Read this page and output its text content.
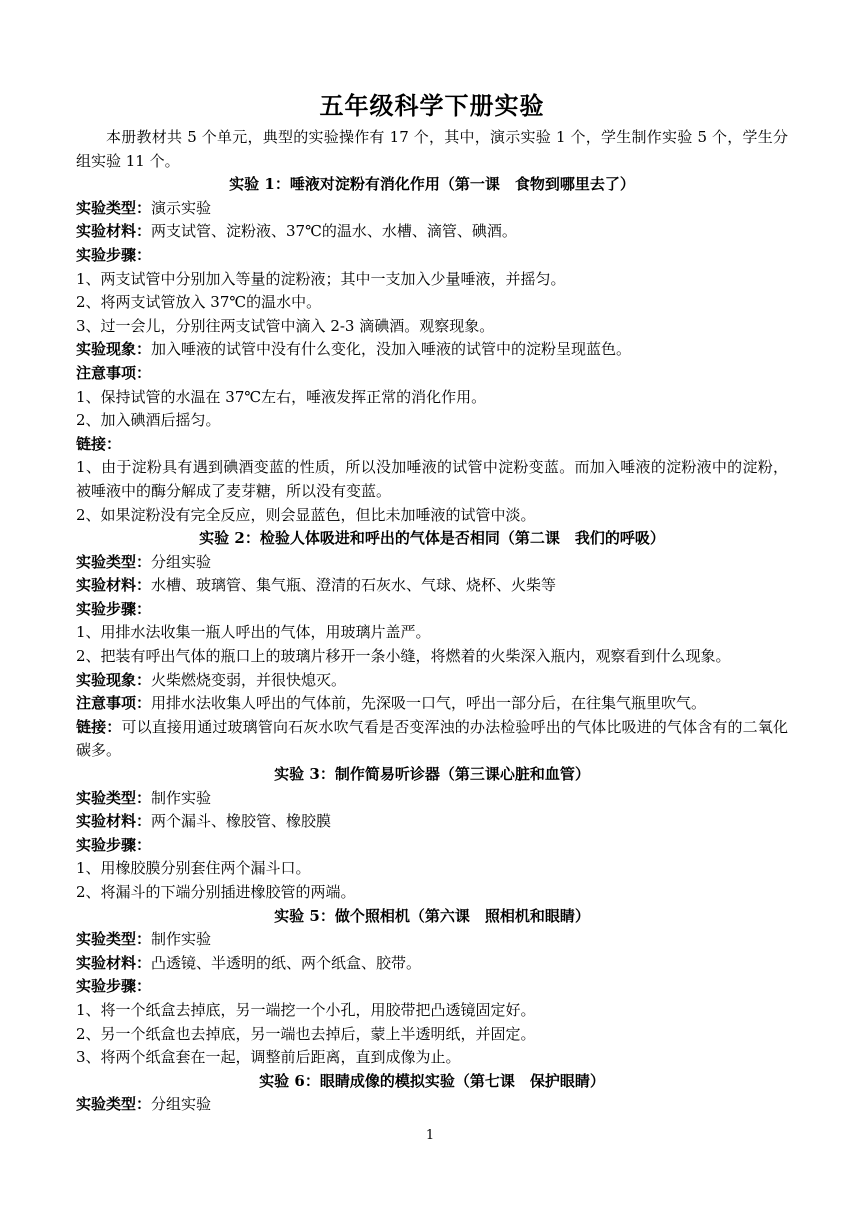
五年级科学下册实验
本册教材共 5 个单元，典型的实验操作有 17 个，其中，演示实验 1 个，学生制作实验 5 个，学生分组实验 11 个。
实验 1：唾液对淀粉有消化作用（第一课　食物到哪里去了）
实验类型：演示实验
实验材料：两支试管、淀粉液、37℃的温水、水槽、滴管、碘酒。
实验步骤：
1、两支试管中分别加入等量的淀粉液；其中一支加入少量唾液，并摇匀。
2、将两支试管放入 37℃的温水中。
3、过一会儿，分别往两支试管中滴入 2-3 滴碘酒。观察现象。
实验现象：加入唾液的试管中没有什么变化，没加入唾液的试管中的淀粉呈现蓝色。
注意事项：
1、保持试管的水温在 37℃左右，唾液发挥正常的消化作用。
2、加入碘酒后摇匀。
链接：
1、由于淀粉具有遇到碘酒变蓝的性质，所以没加唾液的试管中淀粉变蓝。而加入唾液的淀粉液中的淀粉，被唾液中的酶分解成了麦芽糖，所以没有变蓝。
2、如果淀粉没有完全反应，则会显蓝色，但比未加唾液的试管中淡。
实验 2：检验人体吸进和呼出的气体是否相同（第二课　我们的呼吸）
实验类型：分组实验
实验材料：水槽、玻璃管、集气瓶、澄清的石灰水、气球、烧杯、火柴等
实验步骤：
1、用排水法收集一瓶人呼出的气体，用玻璃片盖严。
2、把装有呼出气体的瓶口上的玻璃片移开一条小缝，将燃着的火柴深入瓶内，观察看到什么现象。
实验现象：火柴燃烧变弱，并很快熄灭。
注意事项：用排水法收集人呼出的气体前，先深吸一口气，呼出一部分后，在往集气瓶里吹气。
链接：可以直接用通过玻璃管向石灰水吹气看是否变浑浊的办法检验呼出的气体比吸进的气体含有的二氧化碳多。
实验 3：制作简易听诊器（第三课心脏和血管）
实验类型：制作实验
实验材料：两个漏斗、橡胶管、橡胶膜
实验步骤：
1、用橡胶膜分别套住两个漏斗口。
2、将漏斗的下端分别插进橡胶管的两端。
实验 5：做个照相机（第六课　照相机和眼睛）
实验类型：制作实验
实验材料：凸透镜、半透明的纸、两个纸盒、胶带。
实验步骤：
1、将一个纸盒去掉底，另一端挖一个小孔，用胶带把凸透镜固定好。
2、另一个纸盒也去掉底，另一端也去掉后，蒙上半透明纸，并固定。
3、将两个纸盒套在一起，调整前后距离，直到成像为止。
实验 6：眼睛成像的模拟实验（第七课　保护眼睛）
实验类型：分组实验
1
